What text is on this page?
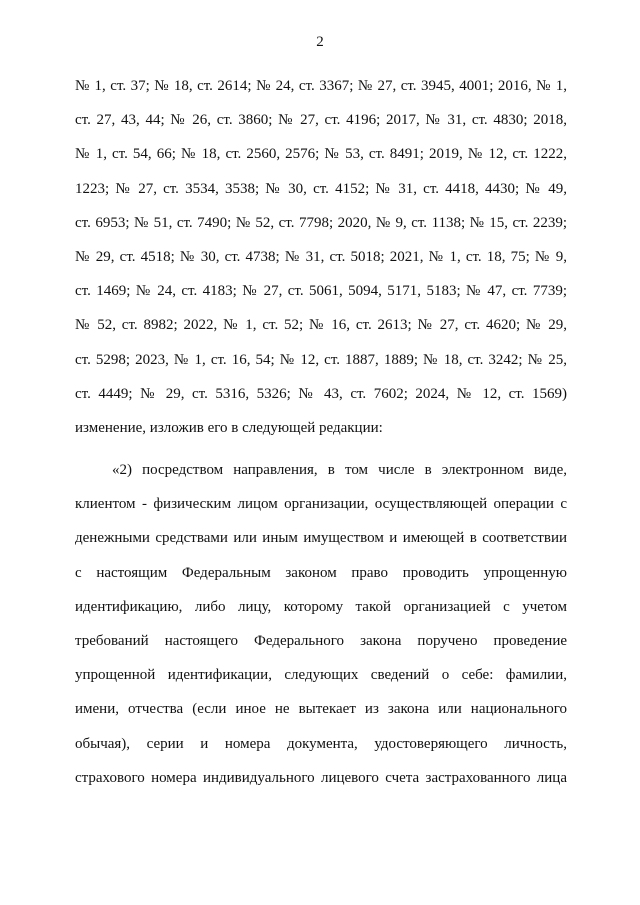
2
№ 1, ст. 37; № 18, ст. 2614; № 24, ст. 3367; № 27, ст. 3945, 4001; 2016, № 1,
ст. 27, 43, 44; № 26, ст. 3860; № 27, ст. 4196; 2017, № 31, ст. 4830; 2018,
№ 1, ст. 54, 66; № 18, ст. 2560, 2576; № 53, ст. 8491; 2019, № 12, ст. 1222,
1223; № 27, ст. 3534, 3538; № 30, ст. 4152; № 31, ст. 4418, 4430; № 49,
ст. 6953; № 51, ст. 7490; № 52, ст. 7798; 2020, № 9, ст. 1138; № 15, ст. 2239;
№ 29, ст. 4518; № 30, ст. 4738; № 31, ст. 5018; 2021, № 1, ст. 18, 75; № 9,
ст. 1469; № 24, ст. 4183; № 27, ст. 5061, 5094, 5171, 5183; № 47, ст. 7739;
№ 52, ст. 8982; 2022, № 1, ст. 52; № 16, ст. 2613; № 27, ст. 4620; № 29,
ст. 5298; 2023, № 1, ст. 16, 54; № 12, ст. 1887, 1889; № 18, ст. 3242; № 25,
ст. 4449; № 29, ст. 5316, 5326; № 43, ст. 7602; 2024, № 12, ст. 1569)
изменение, изложив его в следующей редакции:
«2) посредством направления, в том числе в электронном виде,
клиентом - физическим лицом организации, осуществляющей операции с
денежными средствами или иным имуществом и имеющей в соответствии
с настоящим Федеральным законом право проводить упрощенную
идентификацию, либо лицу, которому такой организацией с учетом
требований настоящего Федерального закона поручено проведение
упрощенной идентификации, следующих сведений о себе: фамилии,
имени, отчества (если иное не вытекает из закона или национального
обычая), серии и номера документа, удостоверяющего личность,
страхового номера индивидуального лицевого счета застрахованного лица
